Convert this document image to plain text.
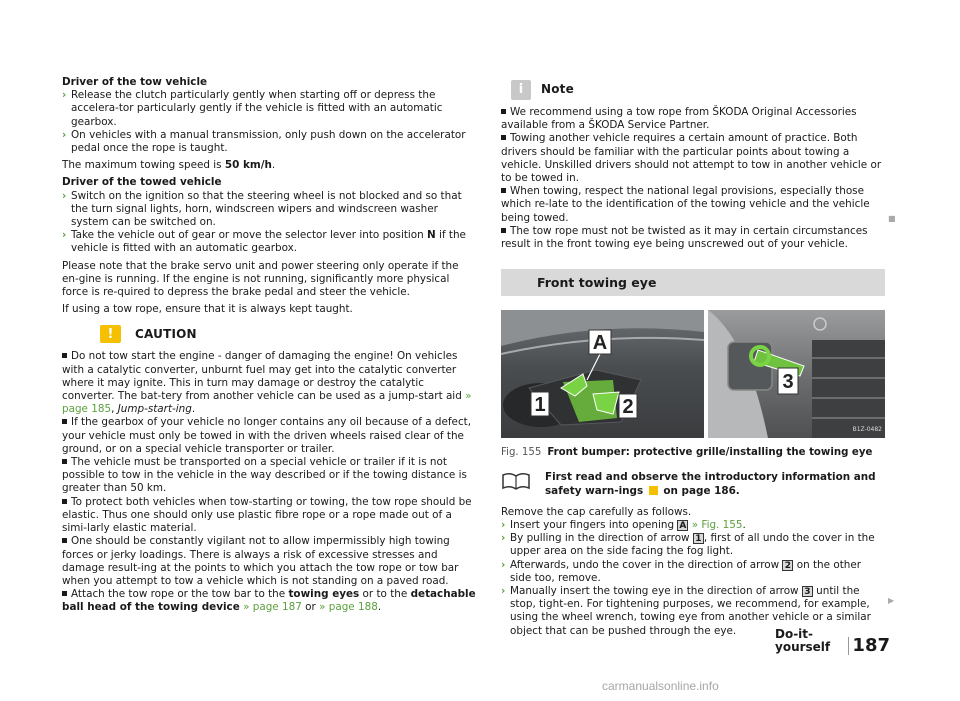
Driver of the tow vehicle

› Release the clutch particularly gently when starting off or depress the accelera-tor particularly gently if the vehicle is fitted with an automatic gearbox.
› On vehicles with a manual transmission, only push down on the accelerator pedal once the rope is taught.

The maximum towing speed is 50 km/h.

Driver of the towed vehicle

› Switch on the ignition so that the steering wheel is not blocked and so that the turn signal lights, horn, windscreen wipers and windscreen washer system can be switched on.
› Take the vehicle out of gear or move the selector lever into position N if the vehicle is fitted with an automatic gearbox.

Please note that the brake servo unit and power steering only operate if the en-gine is running. If the engine is not running, significantly more physical force is re-quired to depress the brake pedal and steer the vehicle.

If using a tow rope, ensure that it is always kept taught.

!	CAUTION

Do not tow start the engine - danger of damaging the engine! On vehicles with a catalytic converter, unburnt fuel may get into the catalytic converter where it may ignite. This in turn may damage or destroy the catalytic converter. The bat-tery from another vehicle can be used as a jump-start aid » page 185, Jump-start-ing.

If the gearbox of your vehicle no longer contains any oil because of a defect, your vehicle must only be towed in with the driven wheels raised clear of the ground, or on a special vehicle transporter or trailer.

The vehicle must be transported on a special vehicle or trailer if it is not possible to tow in the vehicle in the way described or if the towing distance is greater than 50 km.

To protect both vehicles when tow-starting or towing, the tow rope should be elastic. Thus one should only use plastic fibre rope or a rope made out of a simi-larly elastic material.

One should be constantly vigilant not to allow impermissibly high towing forces or jerky loadings. There is always a risk of excessive stresses and damage result-ing at the points to which you attach the tow rope or tow bar when you attempt to tow a vehicle which is not standing on a paved road.

Attach the tow rope or the tow bar to the towing eyes or to the detachable ball head of the towing device » page 187 or » page 188.

i	Note

We recommend using a tow rope from ŠKODA Original Accessories available from a ŠKODA Service Partner.

Towing another vehicle requires a certain amount of practice. Both drivers should be familiar with the particular points about towing a vehicle. Unskilled drivers should not attempt to tow in another vehicle or to be towed in.

When towing, respect the national legal provisions, especially those which re-late to the identification of the towing vehicle and the vehicle being towed.

The tow rope must not be twisted as it may in certain circumstances result in the front towing eye being unscrewed out of your vehicle.

Front towing eye
A
1	2
3
B1Z-0482

Fig. 155 Front bumper: protective grille/installing the towing eye

First read and observe the introductory information and safety warn-ings on page 186.

Remove the cap carefully as follows.

› Insert your fingers into opening A » Fig. 155.
› By pulling in the direction of arrow 1 , first of all undo the cover in the upper area on the side facing the fog light.
› Afterwards, undo the cover in the direction of arrow 2 on the other side too, remove.
› Manually insert the towing eye in the direction of arrow 3 until the stop, tight-en. For tightening purposes, we recommend, for example, using the wheel wrench, towing eye from another vehicle or a similar object that can be pushed through the eye.
■
▶
Do-it-yourself	187
carmanualsonline.info
